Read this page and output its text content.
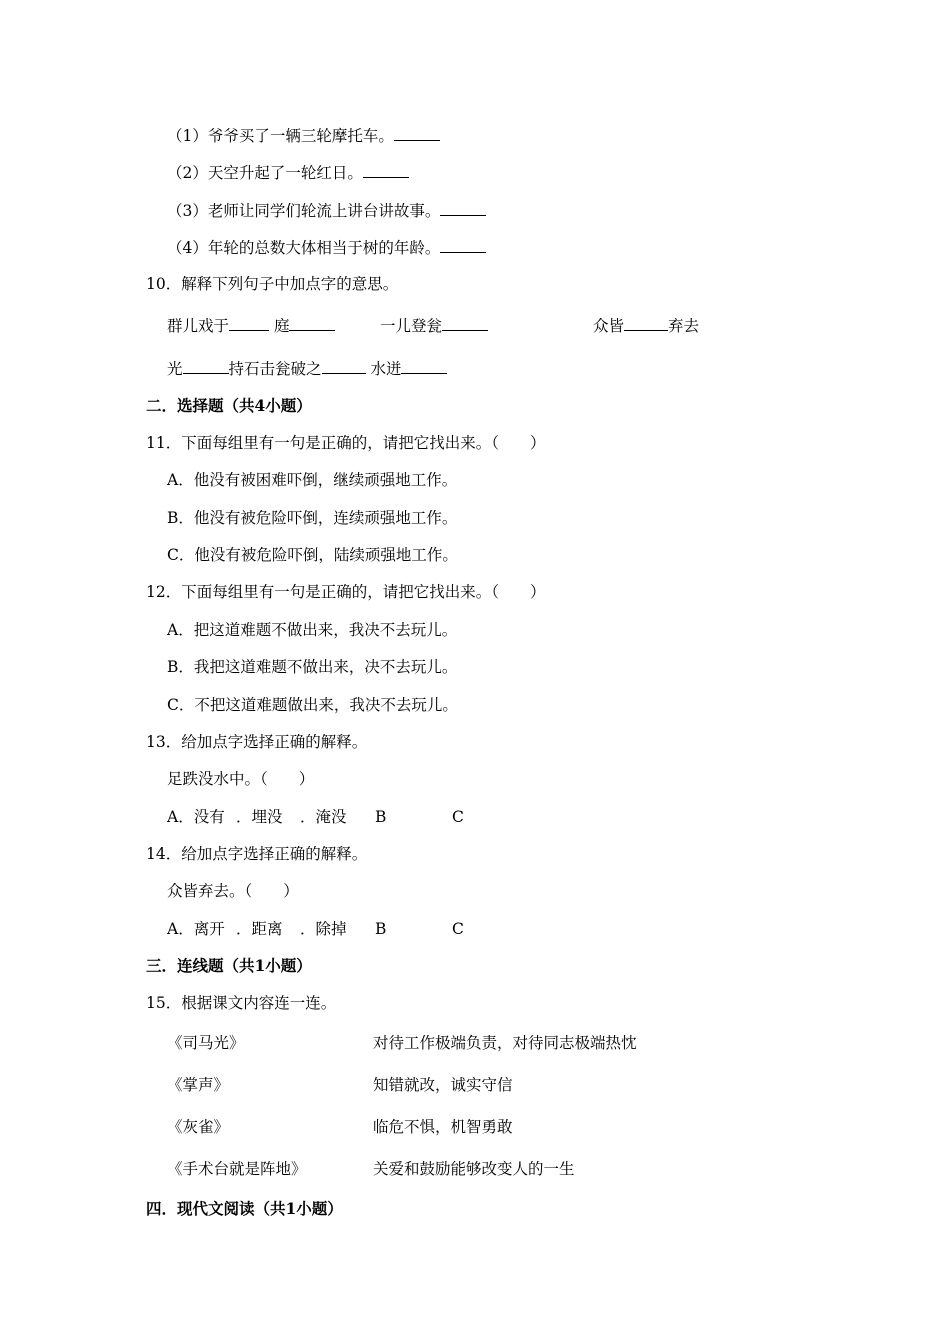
（1）爷爷买了一辆三轮摩托车。
（2）天空升起了一轮红日。
（3）老师让同学们轮流上讲台讲故事。
（4）年轮的总数大体相当于树的年龄。
10．解释下列句子中加点字的意思。
群儿戏于	庭	一儿登瓮	众皆	弃去
光	持石击瓮破之	水迸
二．选择题（共4小题）
11．下面每组里有一句是正确的，请把它找出来。（　　）
A．他没有被困难吓倒，继续顽强地工作。
B．他没有被危险吓倒，连续顽强地工作。
C．他没有被危险吓倒，陆续顽强地工作。
12．下面每组里有一句是正确的，请把它找出来。（　　）
A．把这道难题不做出来，我决不去玩儿。
B．我把这道难题不做出来，决不去玩儿。
C．不把这道难题做出来，我决不去玩儿。
13．给加点字选择正确的解释。
足跌没水中。（　　）
A．没有 ．埋没 ．淹没 B	C
14．给加点字选择正确的解释。
众皆弃去。（　　）
A．离开 ．距离 ．除掉 B	C
三．连线题（共1小题）
15．根据课文内容连一连。
《司马光》	对待工作极端负责，对待同志极端热忱
《掌声》	知错就改，诚实守信
《灰雀》	临危不惧，机智勇敢
《手术台就是阵地》	关爱和鼓励能够改变人的一生
四．现代文阅读（共1小题）
